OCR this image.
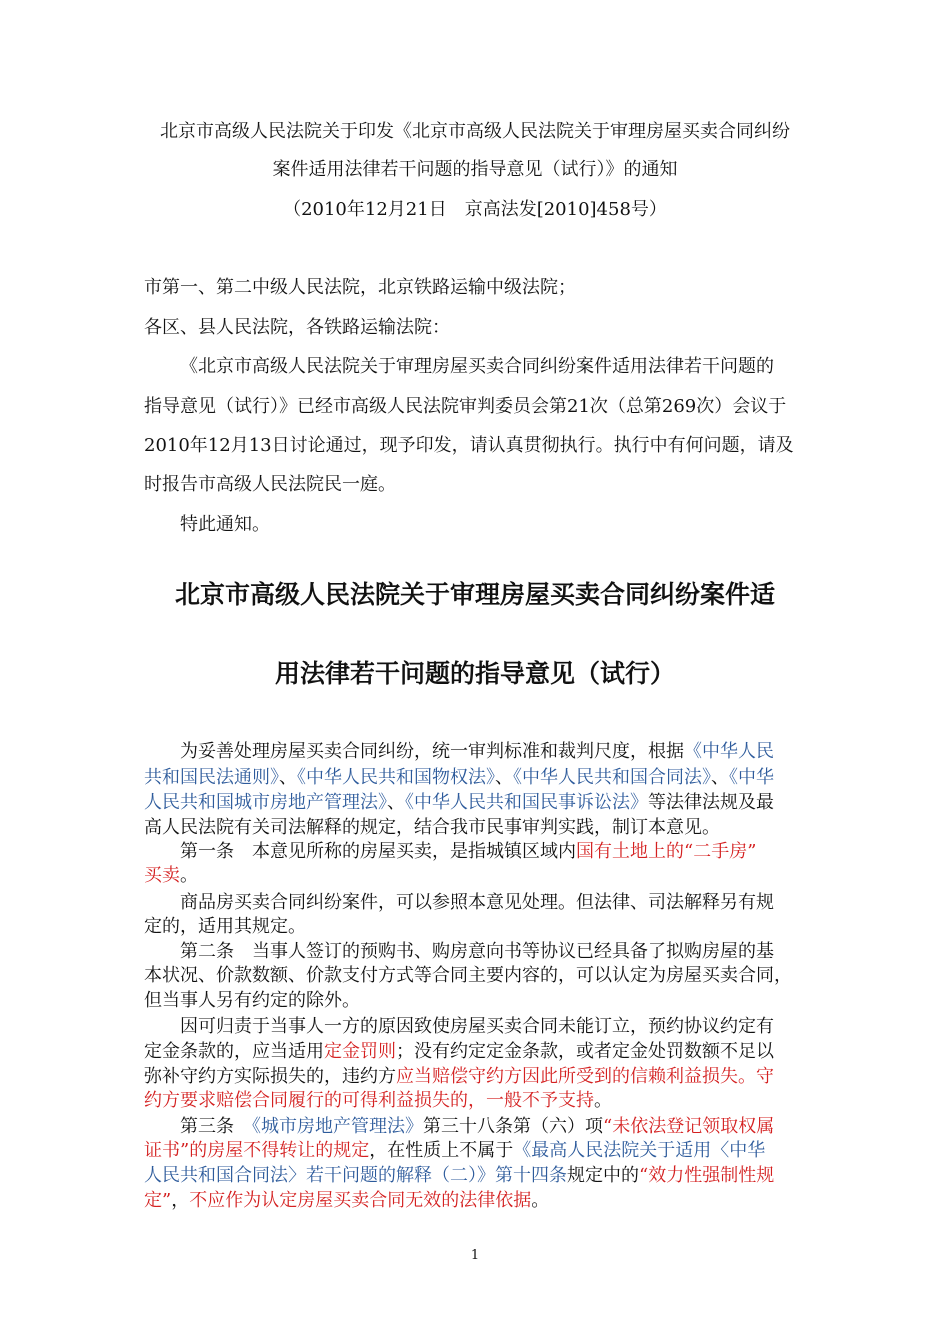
北京市高级人民法院关于印发《北京市高级人民法院关于审理房屋买卖合同纠纷
案件适用法律若干问题的指导意见（试行）》的通知
（2010年12月21日　京高法发[2010]458号）
市第一、第二中级人民法院，北京铁路运输中级法院；
各区、县人民法院，各铁路运输法院：
《北京市高级人民法院关于审理房屋买卖合同纠纷案件适用法律若干问题的
指导意见（试行）》已经市高级人民法院审判委员会第21次（总第269次）会议于
2010年12月13日讨论通过，现予印发，请认真贯彻执行。执行中有何问题，请及
时报告市高级人民法院民一庭。
特此通知。
北京市高级人民法院关于审理房屋买卖合同纠纷案件适
用法律若干问题的指导意见（试行）
为妥善处理房屋买卖合同纠纷，统一审判标准和裁判尺度，根据《中华人民
共和国民法通则》、《中华人民共和国物权法》、《中华人民共和国合同法》、《中华
人民共和国城市房地产管理法》、《中华人民共和国民事诉讼法》等法律法规及最
高人民法院有关司法解释的规定，结合我市民事审判实践，制订本意见。
第一条　本意见所称的房屋买卖，是指城镇区域内国有土地上的“二手房”
买卖。
商品房买卖合同纠纷案件，可以参照本意见处理。但法律、司法解释另有规
定的，适用其规定。
第二条　当事人签订的预购书、购房意向书等协议已经具备了拟购房屋的基
本状况、价款数额、价款支付方式等合同主要内容的，可以认定为房屋买卖合同，
但当事人另有约定的除外。
因可归责于当事人一方的原因致使房屋买卖合同未能订立，预约协议约定有
定金条款的，应当适用定金罚则；没有约定定金条款，或者定金处罚数额不足以
弥补守约方实际损失的，违约方应当赔偿守约方因此所受到的信赖利益损失。守
约方要求赔偿合同履行的可得利益损失的，一般不予支持。
第三条　《城市房地产管理法》第三十八条第（六）项“未依法登记领取权属
证书”的房屋不得转让的规定，在性质上不属于《最高人民法院关于适用〈中华
人民共和国合同法〉若干问题的解释（二）》第十四条规定中的“效力性强制性规
定”，不应作为认定房屋买卖合同无效的法律依据。
1
